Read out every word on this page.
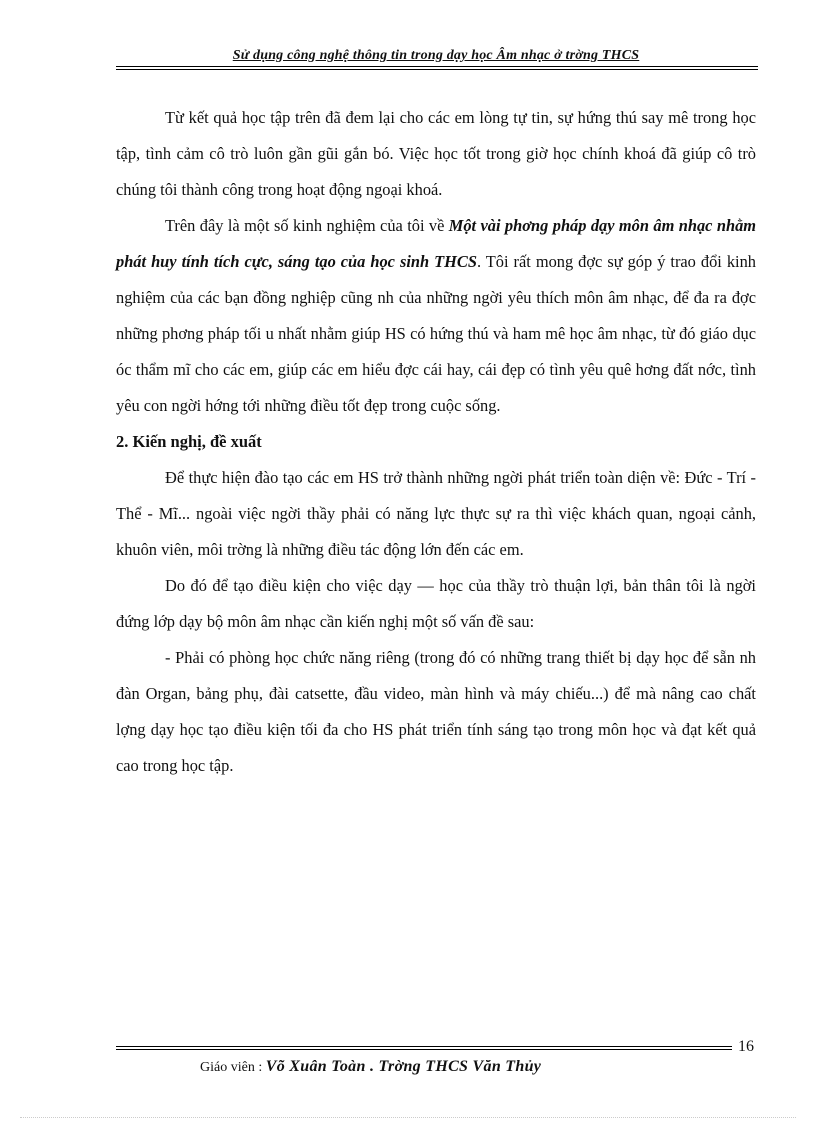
Sử dụng công nghệ thông tin trong dạy học Âm nhạc ở trờng THCS

Từ kết quả học tập trên đã đem lại cho các em lòng tự tin, sự hứng thú say mê trong học tập, tình cảm cô trò luôn gần gũi gắn bó. Việc học tốt trong giờ học chính khoá đã giúp cô trò chúng tôi thành công trong hoạt động ngoại khoá.

Trên đây là một số kinh nghiệm của tôi về Một vài phơng pháp dạy môn âm nhạc nhằm phát huy tính tích cực, sáng tạo của học sinh THCS. Tôi rất mong đợc sự góp ý trao đổi kinh nghiệm của các bạn đồng nghiệp cũng nh của những ngời yêu thích môn âm nhạc, để đa ra đợc những phơng pháp tối u nhất nhằm giúp HS có hứng thú và ham mê học âm nhạc, từ đó giáo dục óc thẩm mĩ cho các em, giúp các em hiểu đợc cái hay, cái đẹp có tình yêu quê hơng đất nớc, tình yêu con ngời hớng tới những điều tốt đẹp trong cuộc sống.

2. Kiến nghị, đề xuất

Để thực hiện đào tạo các em HS trở thành những ngời phát triển toàn diện về: Đức - Trí - Thể - Mĩ... ngoài việc ngời thầy phải có năng lực thực sự ra thì việc khách quan, ngoại cảnh, khuôn viên, môi trờng là những điều tác động lớn đến các em.

Do đó để tạo điều kiện cho việc dạy — học của thầy trò thuận lợi, bản thân tôi là ngời đứng lớp dạy bộ môn âm nhạc cần kiến nghị một số vấn đề sau:

- Phải có phòng học chức năng riêng (trong đó có những trang thiết bị dạy học để sẵn nh đàn Organ, bảng phụ, đài catsette, đầu video, màn hình và máy chiếu...) để mà nâng cao chất lợng dạy học tạo điều kiện tối đa cho HS phát triển tính sáng tạo trong môn học và đạt kết quả cao trong học tập.

16
Giáo viên : Võ Xuân Toàn . Trờng THCS Văn Thủy
